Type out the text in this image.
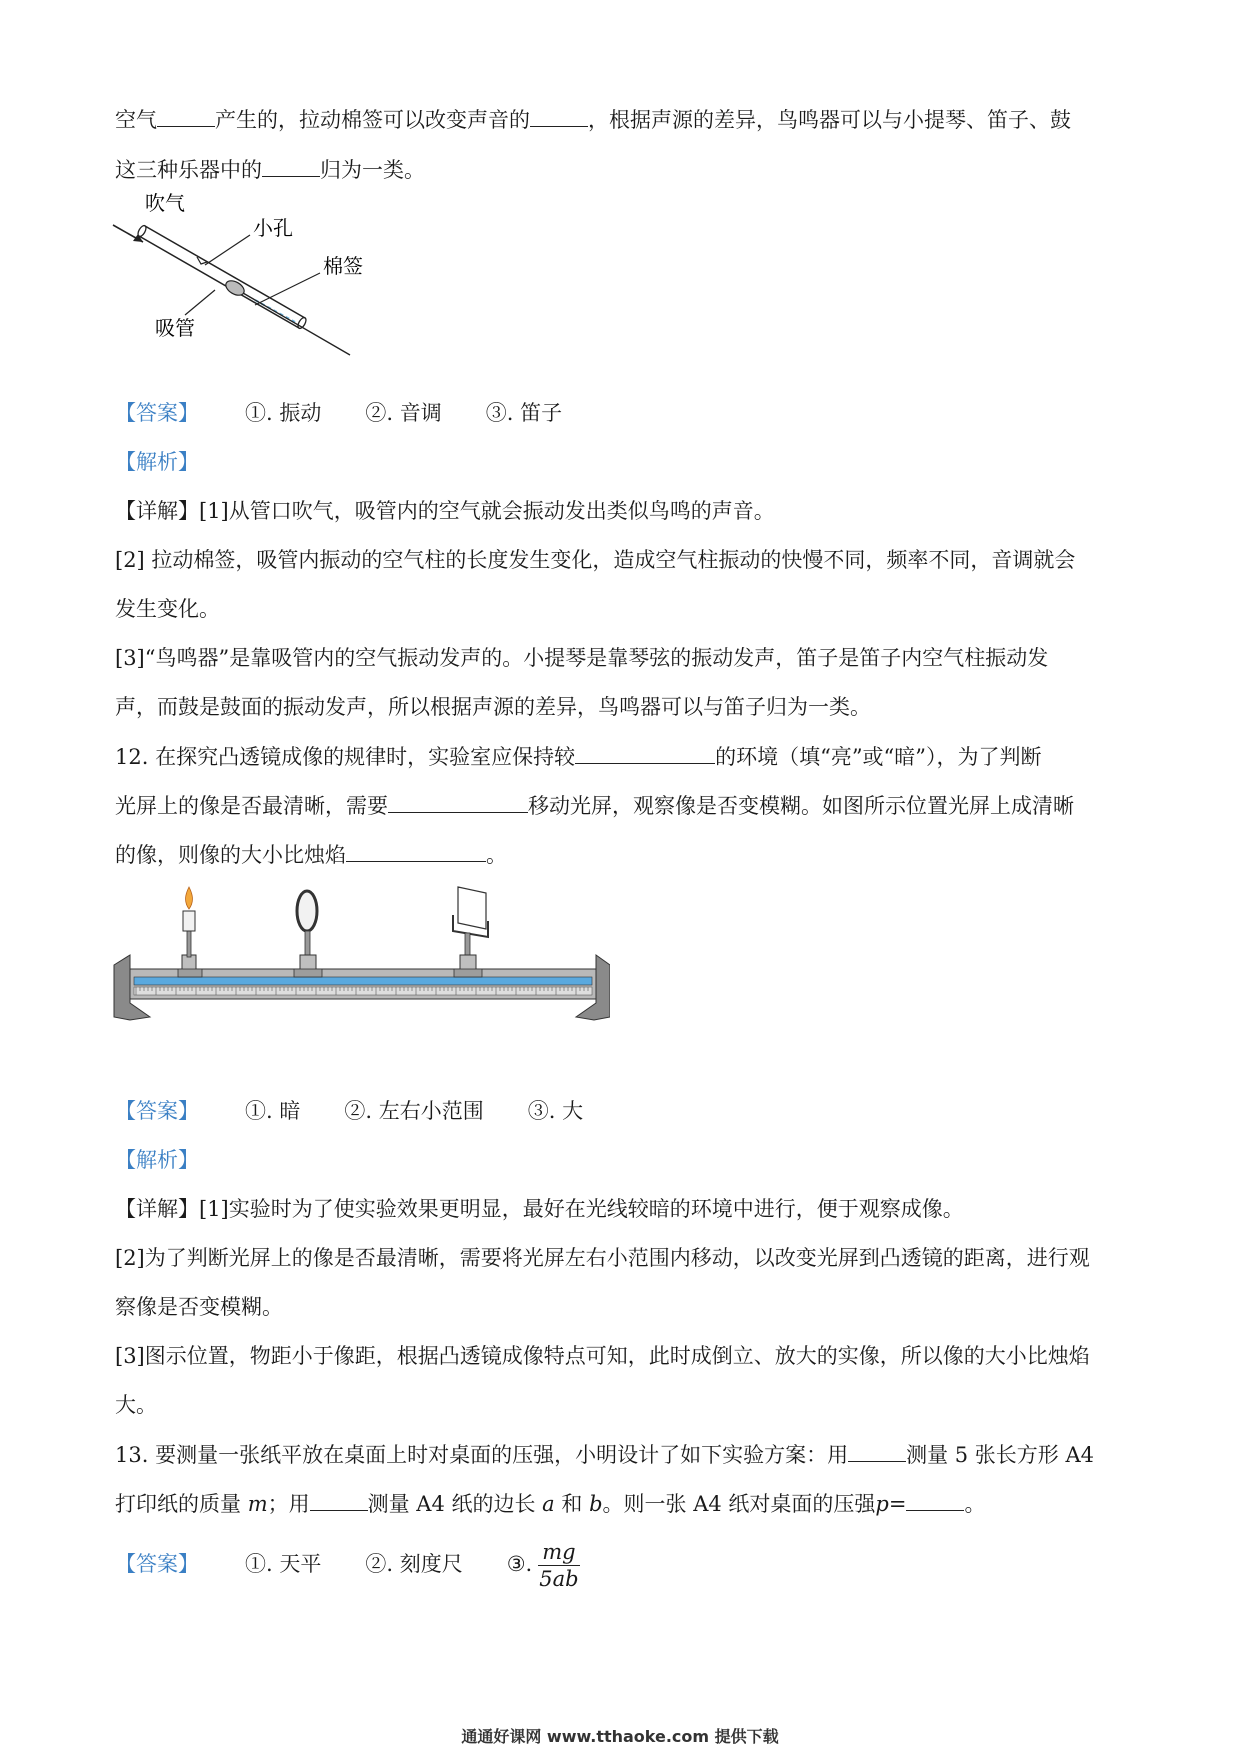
空气	产生的，拉动棉签可以改变声音的	，根据声源的差异，鸟鸣器可以与小提琴、笛子、鼓
这三种乐器中的	归为一类。
吹气
小孔
棉签
吸管
【答案】 ①. 振动 ②. 音调 ③. 笛子
【解析】
【详解】[1]从管口吹气，吸管内的空气就会振动发出类似鸟鸣的声音。
[2] 拉动棉签，吸管内振动的空气柱的长度发生变化，造成空气柱振动的快慢不同，频率不同，音调就会
发生变化。
[3]“鸟鸣器”是靠吸管内的空气振动发声的。小提琴是靠琴弦的振动发声，笛子是笛子内空气柱振动发
声，而鼓是鼓面的振动发声，所以根据声源的差异，鸟鸣器可以与笛子归为一类。
12. 在探究凸透镜成像的规律时，实验室应保持较	的环境（填“亮”或“暗”），为了判断
光屏上的像是否最清晰，需要	移动光屏，观察像是否变模糊。如图所示位置光屏上成清晰
的像，则像的大小比烛焰	。
【答案】 ①. 暗 ②. 左右小范围 ③. 大
【解析】
【详解】[1]实验时为了使实验效果更明显，最好在光线较暗的环境中进行，便于观察成像。
[2]为了判断光屏上的像是否最清晰，需要将光屏左右小范围内移动，以改变光屏到凸透镜的距离，进行观
察像是否变模糊。
[3]图示位置，物距小于像距，根据凸透镜成像特点可知，此时成倒立、放大的实像，所以像的大小比烛焰
大。
13. 要测量一张纸平放在桌面上时对桌面的压强，小明设计了如下实验方案：用	测量 5 张长方形 A4
打印纸的质量 m；用	测量 A4 纸的边长 a 和 b。则一张 A4 纸对桌面的压强p=	。
【答案】 ①. 天平 ②. 刻度尺 ③. $\frac{mg}{5ab}$
通通好课网 www.tthaoke.com 提供下载
